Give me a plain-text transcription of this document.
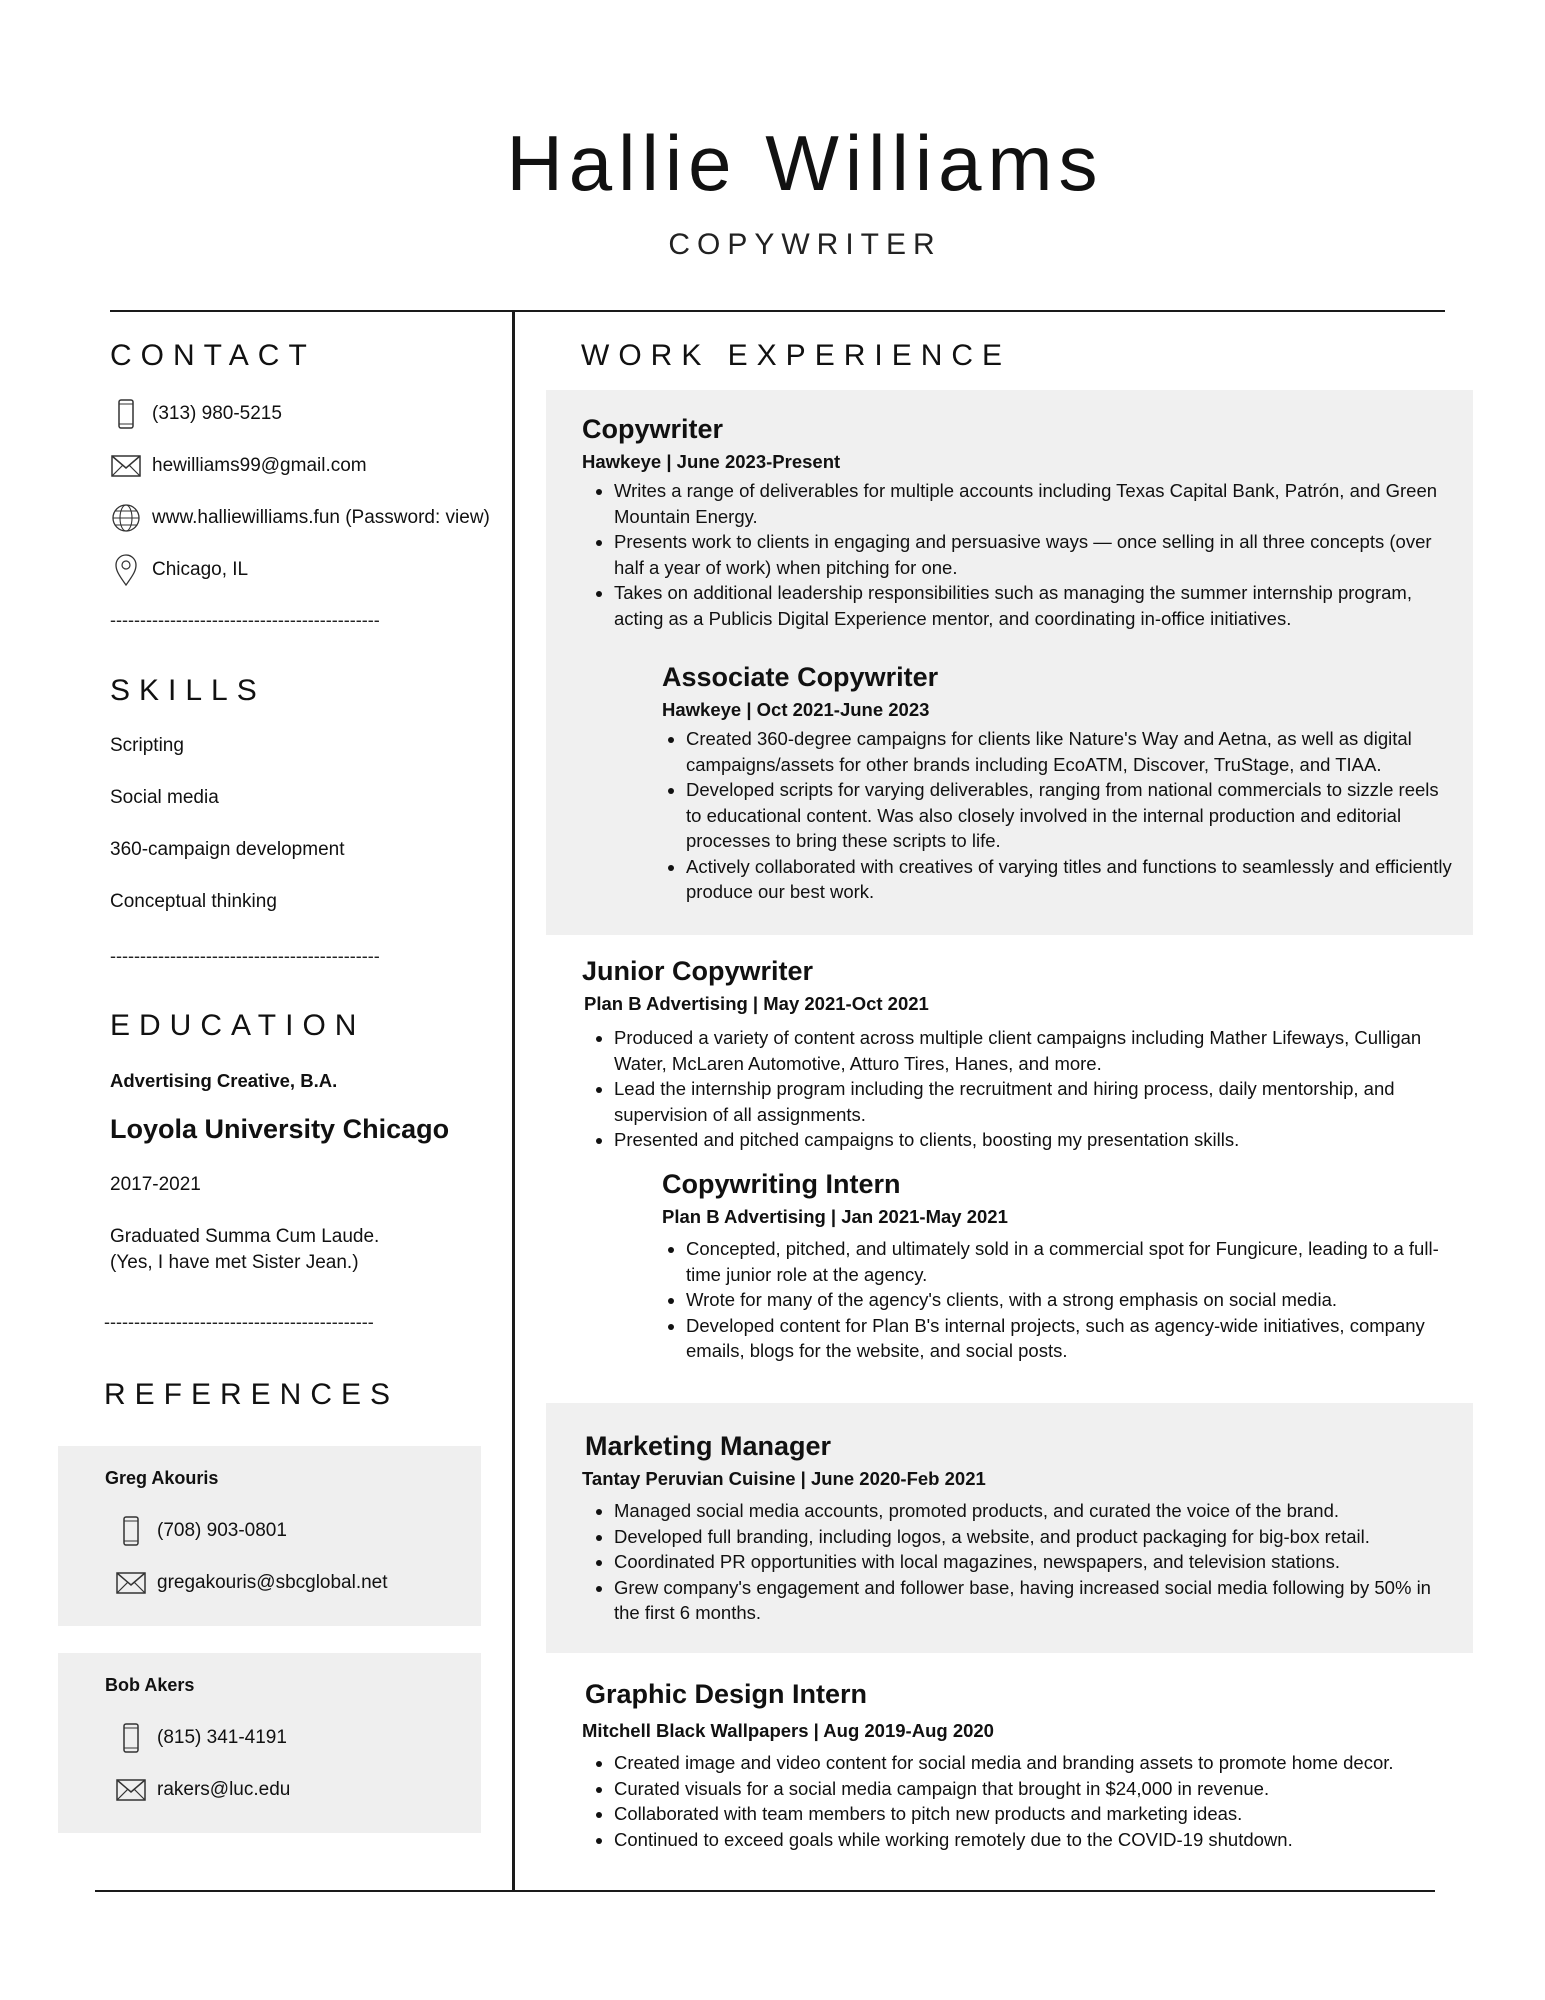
Hallie Williams
COPYWRITER
CONTACT
(313) 980-5215
hewilliams99@gmail.com
www.halliewilliams.fun (Password: view)
Chicago, IL
---------------------------------------------
SKILLS
Scripting
Social media
360-campaign development
Conceptual thinking
---------------------------------------------
EDUCATION
Advertising Creative, B.A.
Loyola University Chicago
2017-2021
Graduated Summa Cum Laude.
(Yes, I have met Sister Jean.)
---------------------------------------------
REFERENCES
Greg Akouris
(708) 903-0801
gregakouris@sbcglobal.net
Bob Akers
(815) 341-4191
rakers@luc.edu
WORK EXPERIENCE
Copywriter
Hawkeye | June 2023-Present
• Writes a range of deliverables for multiple accounts including Texas Capital Bank, Patrón, and Green Mountain Energy.
• Presents work to clients in engaging and persuasive ways — once selling in all three concepts (over half a year of work) when pitching for one.
• Takes on additional leadership responsibilities such as managing the summer internship program, acting as a Publicis Digital Experience mentor, and coordinating in-office initiatives.
Associate Copywriter
Hawkeye | Oct 2021-June 2023
• Created 360-degree campaigns for clients like Nature's Way and Aetna, as well as digital campaigns/assets for other brands including EcoATM, Discover, TruStage, and TIAA.
• Developed scripts for varying deliverables, ranging from national commercials to sizzle reels to educational content. Was also closely involved in the internal production and editorial processes to bring these scripts to life.
• Actively collaborated with creatives of varying titles and functions to seamlessly and efficiently produce our best work.
Junior Copywriter
Plan B Advertising | May 2021-Oct 2021
• Produced a variety of content across multiple client campaigns including Mather Lifeways, Culligan Water, McLaren Automotive, Atturo Tires, Hanes, and more.
• Lead the internship program including the recruitment and hiring process, daily mentorship, and supervision of all assignments.
• Presented and pitched campaigns to clients, boosting my presentation skills.
Copywriting Intern
Plan B Advertising | Jan 2021-May 2021
• Concepted, pitched, and ultimately sold in a commercial spot for Fungicure, leading to a full-time junior role at the agency.
• Wrote for many of the agency's clients, with a strong emphasis on social media.
• Developed content for Plan B's internal projects, such as agency-wide initiatives, company emails, blogs for the website, and social posts.
Marketing Manager
Tantay Peruvian Cuisine | June 2020-Feb 2021
• Managed social media accounts, promoted products, and curated the voice of the brand.
• Developed full branding, including logos, a website, and product packaging for big-box retail.
• Coordinated PR opportunities with local magazines, newspapers, and television stations.
• Grew company's engagement and follower base, having increased social media following by 50% in the first 6 months.
Graphic Design Intern
Mitchell Black Wallpapers | Aug 2019-Aug 2020
• Created image and video content for social media and branding assets to promote home decor.
• Curated visuals for a social media campaign that brought in $24,000 in revenue.
• Collaborated with team members to pitch new products and marketing ideas.
• Continued to exceed goals while working remotely due to the COVID-19 shutdown.
